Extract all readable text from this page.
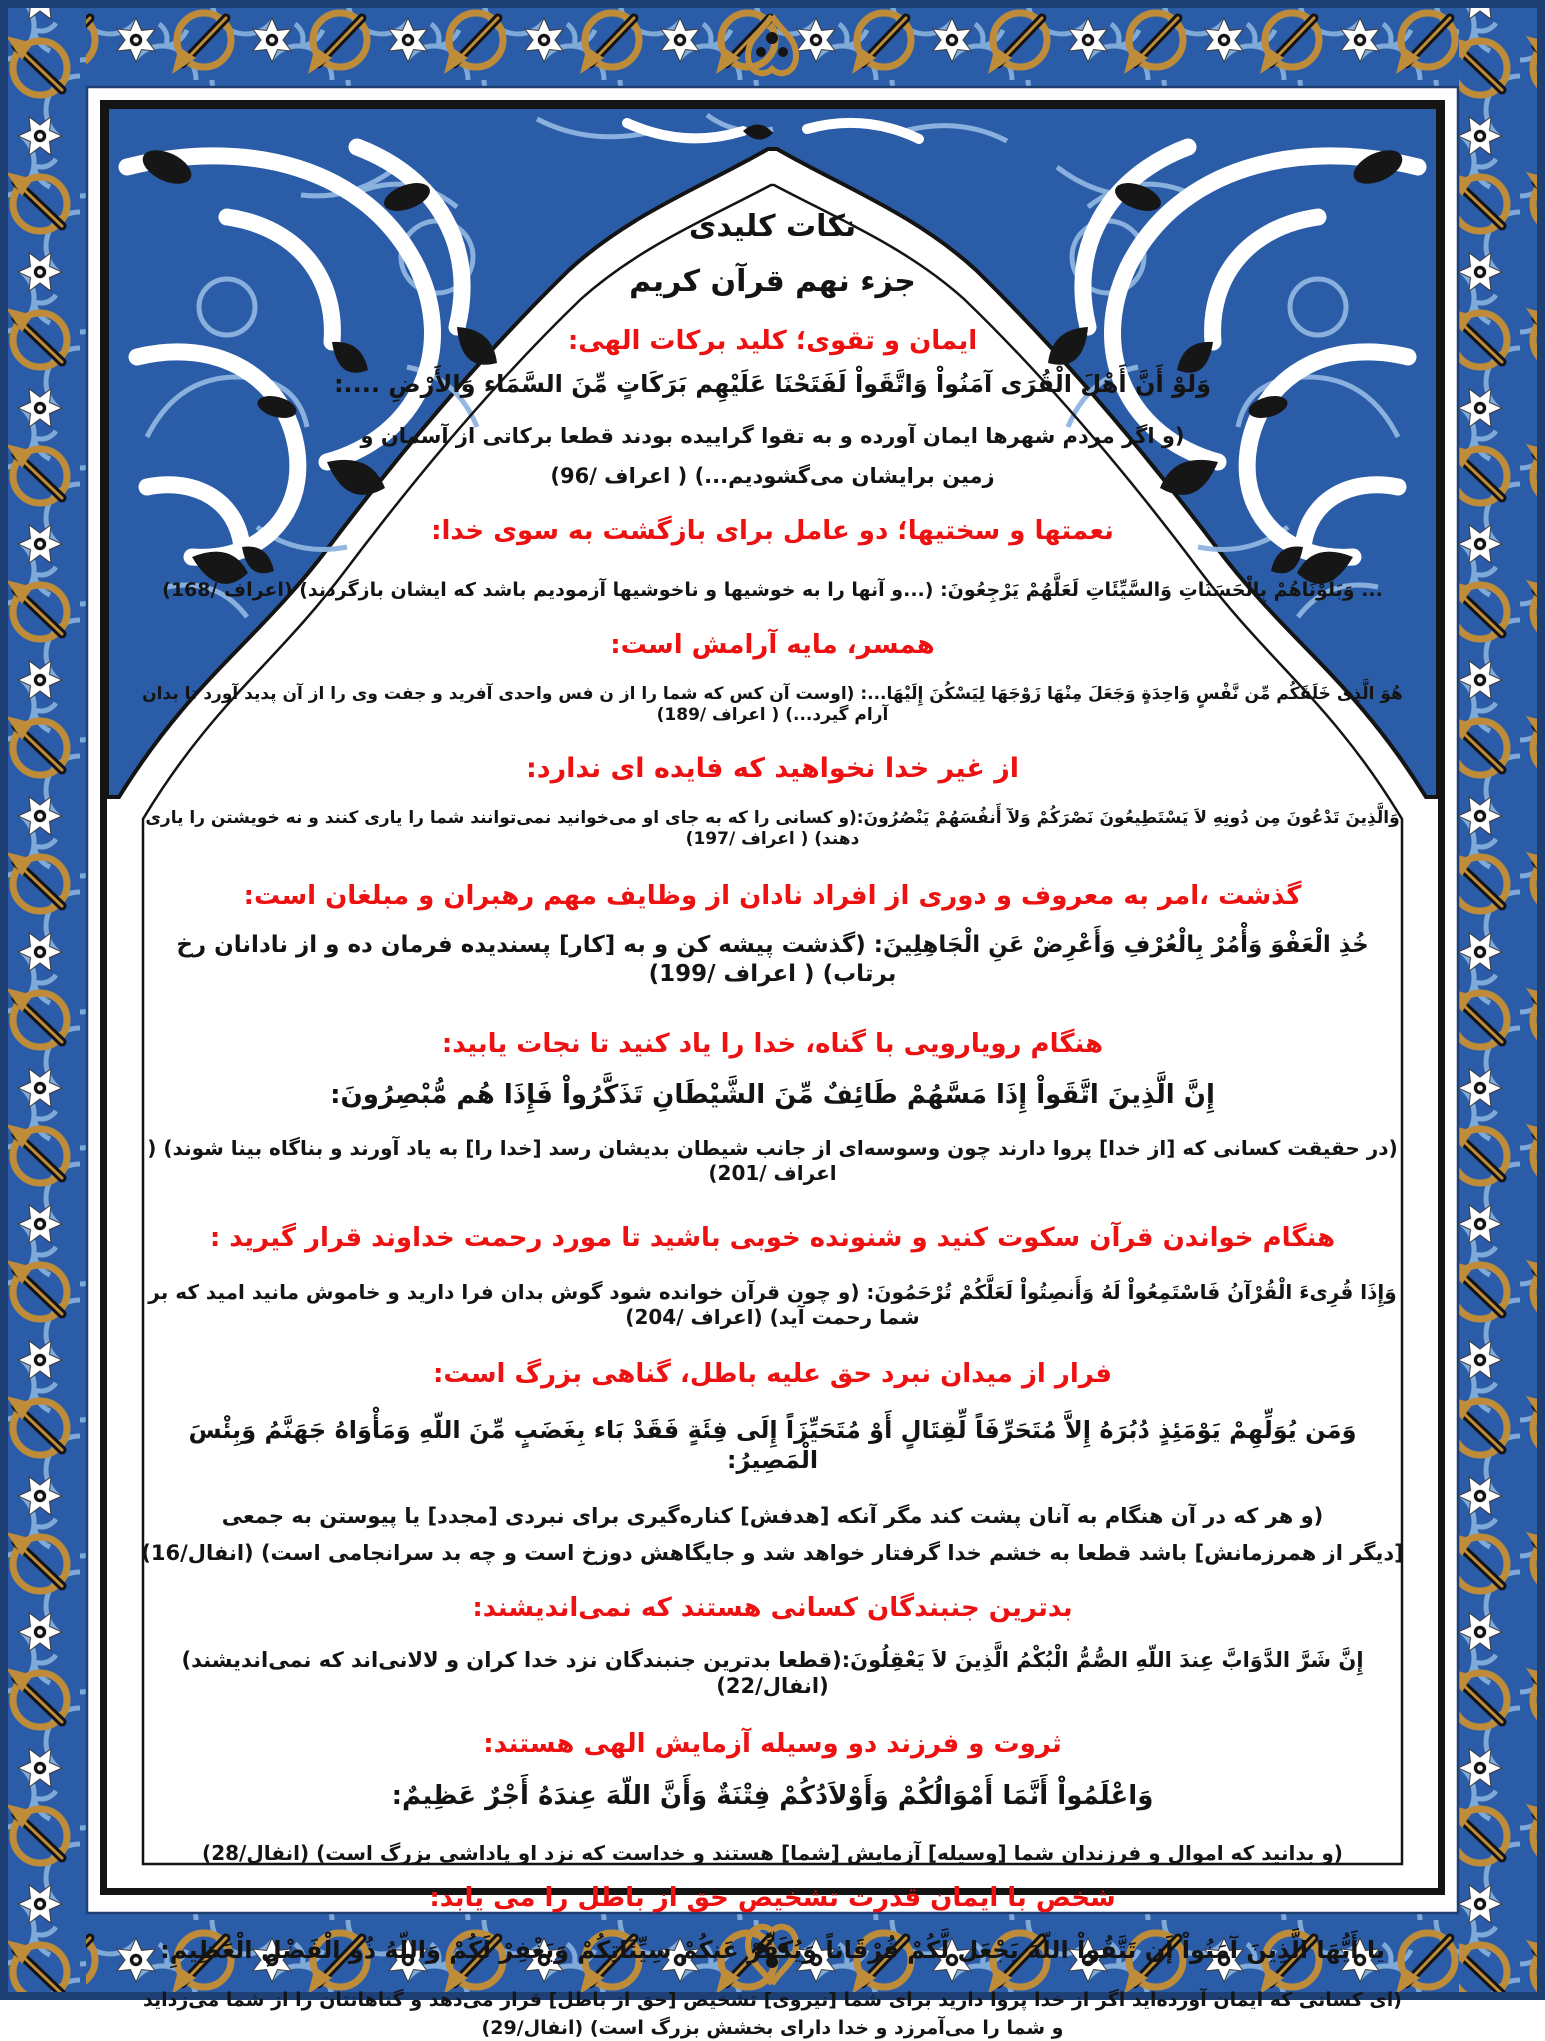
نکات کلیدی
جزء نهم قرآن کریم
ایمان و تقوی؛ کلید برکات الهی:
وَلَوْ أَنَّ أَهْلَ الْقُرَى آمَنُواْ وَاتَّقَواْ لَفَتَحْنَا عَلَیْهِم بَرَکَاتٍ مِّنَ السَّمَاء وَالأَرْضِ ....:
(و اگر مردم شهرها ایمان آورده و به تقوا گراییده بودند قطعا برکاتی از آسمان و
زمین برایشان می‌گشودیم...) ( اعراف /96)
نعمتها و سختیها؛ دو عامل برای بازگشت به سوی خدا:
... وَبَلَوْنَاهُمْ بِالْحَسَنَاتِ وَالسَّیِّئَاتِ لَعَلَّهُمْ یَرْجِعُونَ: (...و آنها را به خوشیها و ناخوشیها آزمودیم باشد که ایشان بازگردند) (اعراف /168)
همسر، مایه آرامش است:
هُوَ الَّذِی خَلَقَکُم مِّن نَّفْسٍ وَاحِدَةٍ وَجَعَلَ مِنْهَا زَوْجَهَا لِیَسْکُنَ إِلَیْهَا...: (اوست آن کس که شما را از ن فس واحدی آفرید و جفت وی را از آن پدید آورد تا بدان آرام گیرد...) ( اعراف /189)
از غیر خدا نخواهید که فایده ای ندارد:
وَالَّذِینَ تَدْعُونَ مِن دُونِهِ لاَ یَسْتَطِیعُونَ نَصْرَکُمْ وَلآ أَنفُسَهُمْ یَنْصُرُونَ:(و کسانی را که به جای او می‌خوانید نمی‌توانند شما را یاری کنند و نه خویشتن را یاری دهند) ( اعراف /197)
گذشت ،امر به معروف و دوری از افراد نادان از وظایف مهم رهبران و مبلغان است:
خُذِ الْعَفْوَ وَأْمُرْ بِالْعُرْفِ وَأَعْرِضْ عَنِ الْجَاهِلِینَ: (گذشت پیشه کن و به [کار] پسندیده فرمان ده و از نادانان رخ برتاب) ( اعراف /199)
هنگام رویارویی با گناه، خدا را یاد کنید تا نجات یابید:
إِنَّ الَّذِینَ اتَّقَواْ إِذَا مَسَّهُمْ طَائِفٌ مِّنَ الشَّیْطَانِ تَذَکَّرُواْ فَإِذَا هُم مُّبْصِرُونَ:
(در حقیقت کسانی که [از خدا] پروا دارند چون وسوسه‌ای از جانب شیطان بدیشان رسد [خدا را] به یاد آورند و بناگاه بینا شوند) ( اعراف /201)
هنگام خواندن قرآن سکوت کنید و شنونده خوبی باشید تا مورد رحمت خداوند قرار گیرید :
وَإِذَا قُرِیءَ الْقُرْآنُ فَاسْتَمِعُواْ لَهُ وَأَنصِتُواْ لَعَلَّکُمْ تُرْحَمُونَ: (و چون قرآن خوانده شود گوش بدان فرا دارید و خاموش مانید امید که بر شما رحمت آید) (اعراف /204)
فرار از میدان نبرد حق علیه باطل، گناهی بزرگ است:
وَمَن یُوَلِّهِمْ یَوْمَئِذٍ دُبُرَهُ إِلاَّ مُتَحَرِّفَاً لِّقِتَالٍ أَوْ مُتَحَیِّزَاً إِلَى فِئَةٍ فَقَدْ بَاء بِغَضَبٍ مِّنَ اللّهِ وَمَأْوَاهُ جَهَنَّمُ وَبِئْسَ الْمَصِیرُ:
(و هر که در آن هنگام به آنان پشت کند مگر آنکه [هدفش] کناره‌گیری برای نبردی [مجدد] یا پیوستن به جمعی
[دیگر از همرزمانش] باشد قطعا به خشم خدا گرفتار خواهد شد و جایگاهش دوزخ است و چه بد سرانجامی است) (انفال/16)
بدترین جنبندگان کسانی هستند که نمی‌اندیشند:
إِنَّ شَرَّ الدَّوَابَّ عِندَ اللّهِ الصُّمُّ الْبُکْمُ الَّذِینَ لاَ یَعْقِلُونَ:(قطعا بدترین جنبندگان نزد خدا کران و لالانی‌اند که نمی‌اندیشند) (انفال/22)
ثروت و فرزند دو وسیله آزمایش الهی هستند:
وَاعْلَمُواْ أَنَّمَا أَمْوَالُکُمْ وَأَوْلاَدُکُمْ فِتْنَةٌ وَأَنَّ اللّهَ عِندَهُ أَجْرٌ عَظِیمٌ:
(و بدانید که اموال و فرزندان شما [وسیله] آزمایش [شما] هستند و خداست که نزد او پاداشی بزرگ است) (انفال/28)
شخص با ایمان قدرت تشخیص حق از باطل را می یابد:
یا أَیُّهَا الَّذِینَ آمَنُواْ إَن تَتَّقُواْ اللّهَ یَجْعَل لَّکُمْ فُرْقَاناً وَیُکَفِّرْ عَنکُمْ سِیِّئَاتِکُمْ وَیَغْفِرْ لَکُمْ وَاللّهُ ذُو الْفَضْلِ الْعَظِیمِ:
(ای کسانی که ایمان آورده‌اید اگر از خدا پروا دارید برای شما [نیروی] تشخیص [حق از باطل] قرار می‌دهد و گناهانتان را از شما می‌زداید
و شما را می‌آمرزد و خدا دارای بخشش بزرگ است) (انفال/29)
